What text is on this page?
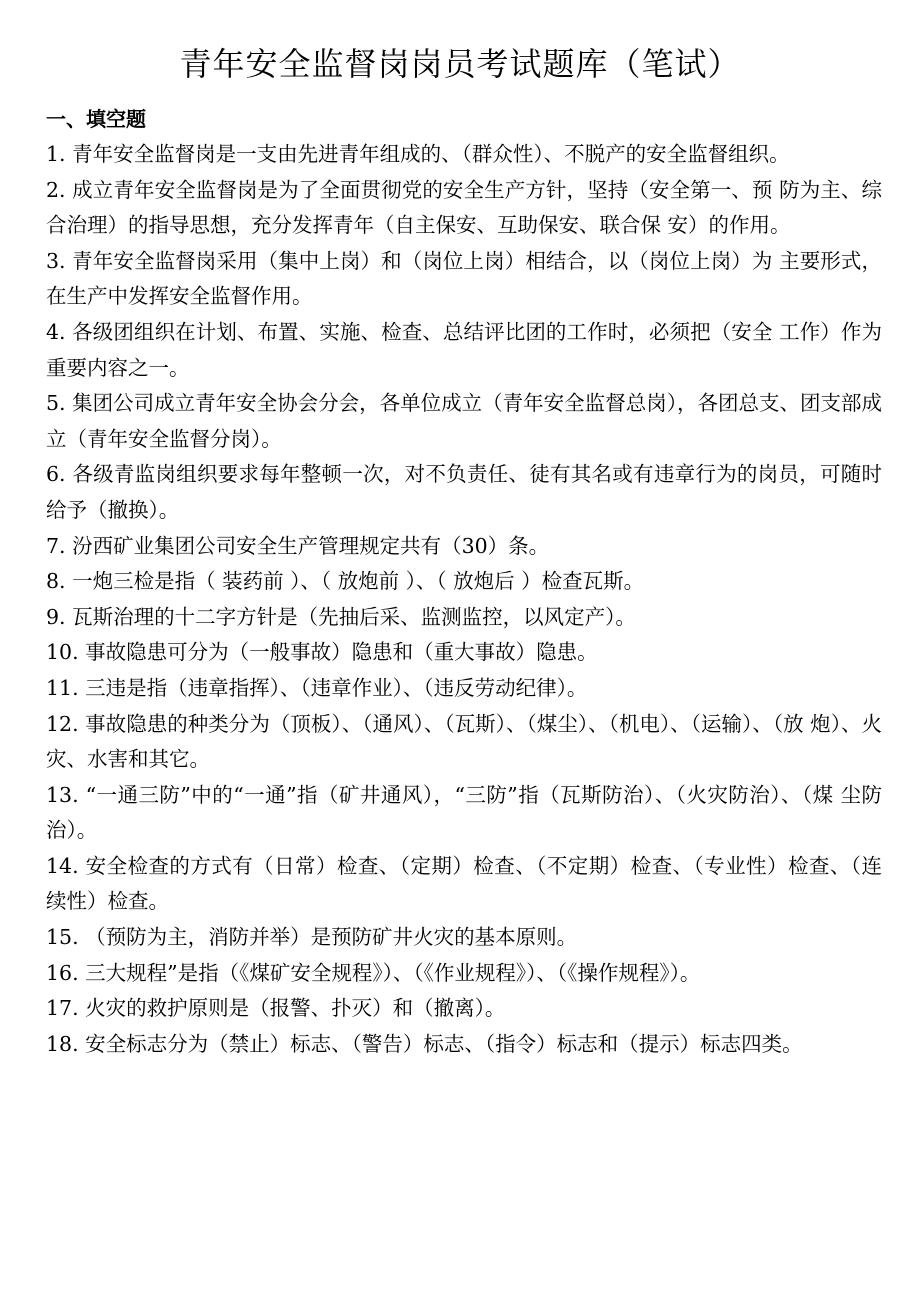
青年安全监督岗岗员考试题库（笔试）
一、填空题
1. 青年安全监督岗是一支由先进青年组成的、（群众性）、不脱产的安全监督组织。
2. 成立青年安全监督岗是为了全面贯彻党的安全生产方针，坚持（安全第一、预 防为主、综合治理）的指导思想，充分发挥青年（自主保安、互助保安、联合保 安）的作用。
3. 青年安全监督岗采用（集中上岗）和（岗位上岗）相结合，以（岗位上岗）为 主要形式，在生产中发挥安全监督作用。
4. 各级团组织在计划、布置、实施、检查、总结评比团的工作时，必须把（安全 工作）作为重要内容之一。
5. 集团公司成立青年安全协会分会，各单位成立（青年安全监督总岗），各团总支、团支部成立（青年安全监督分岗）。
6. 各级青监岗组织要求每年整顿一次，对不负责任、徒有其名或有违章行为的岗员，可随时给予（撤换）。
7. 汾西矿业集团公司安全生产管理规定共有（30）条。
8. 一炮三检是指（ 装药前 ）、（ 放炮前 ）、（ 放炮后 ）检查瓦斯。
9. 瓦斯治理的十二字方针是（先抽后采、监测监控，以风定产）。
10. 事故隐患可分为（一般事故）隐患和（重大事故）隐患。
11. 三违是指（违章指挥）、（违章作业）、（违反劳动纪律）。
12. 事故隐患的种类分为（顶板）、（通风）、（瓦斯）、（煤尘）、（机电）、（运输）、（放 炮）、火灾、水害和其它。
13. “一通三防”中的“一通”指（矿井通风），“三防”指（瓦斯防治）、（火灾防治）、（煤 尘防治）。
14. 安全检查的方式有（日常）检查、（定期）检查、（不定期）检查、（专业性）检查、（连续性）检查。
15. （预防为主，消防并举）是预防矿井火灾的基本原则。
16. 三大规程”是指（《煤矿安全规程》）、（《作业规程》）、（《操作规程》）。
17. 火灾的救护原则是（报警、扑灭）和（撤离）。
18. 安全标志分为（禁止）标志、（警告）标志、（指令）标志和（提示）标志四类。
